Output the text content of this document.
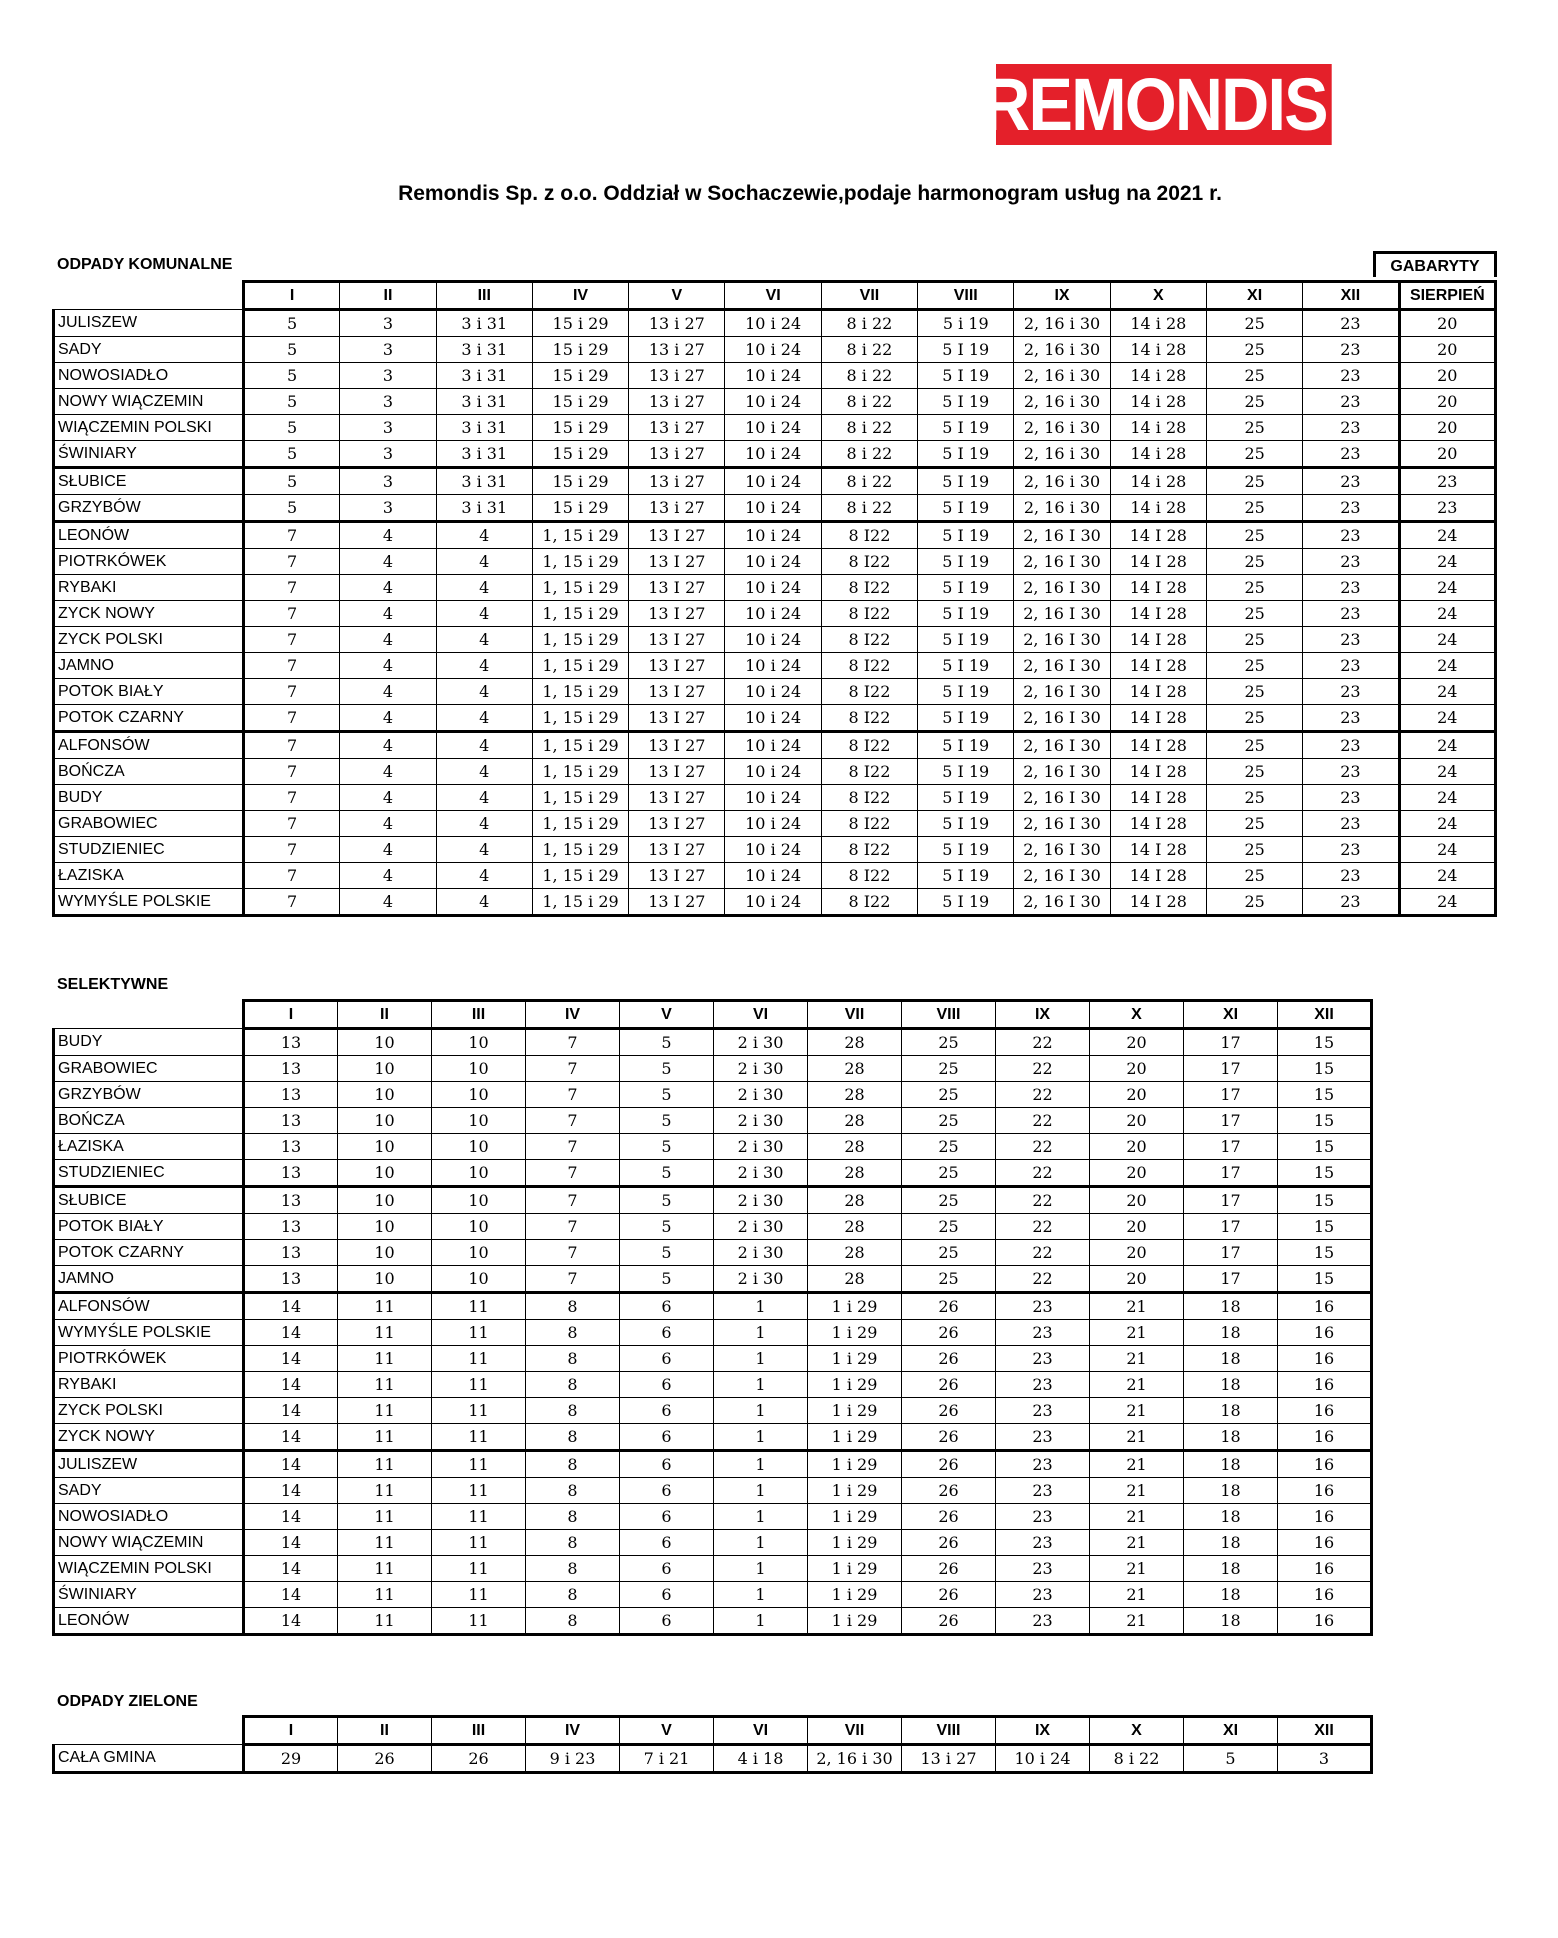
REMONDIS ®
Remondis Sp. z o.o. Oddział w Sochaczewie,podaje harmonogram usług na 2021 r.
ODPADY KOMUNALNE	GABARYTY
	I	II	III	IV	V	VI	VII	VIII	IX	X	XI	XII	SIERPIEŃ
JULISZEW	5	3	3 i 31	15 i 29	13 i 27	10 i 24	8 i 22	5 i 19	2, 16 i 30	14 i 28	25	23	20
SADY	5	3	3 i 31	15 i 29	13 i 27	10 i 24	8 i 22	5 I 19	2, 16 i 30	14 i 28	25	23	20
NOWOSIADŁO	5	3	3 i 31	15 i 29	13 i 27	10 i 24	8 i 22	5 I 19	2, 16 i 30	14 i 28	25	23	20
NOWY WIĄCZEMIN	5	3	3 i 31	15 i 29	13 i 27	10 i 24	8 i 22	5 I 19	2, 16 i 30	14 i 28	25	23	20
WIĄCZEMIN POLSKI	5	3	3 i 31	15 i 29	13 i 27	10 i 24	8 i 22	5 I 19	2, 16 i 30	14 i 28	25	23	20
ŚWINIARY	5	3	3 i 31	15 i 29	13 i 27	10 i 24	8 i 22	5 I 19	2, 16 i 30	14 i 28	25	23	20
SŁUBICE	5	3	3 i 31	15 i 29	13 i 27	10 i 24	8 i 22	5 I 19	2, 16 i 30	14 i 28	25	23	23
GRZYBÓW	5	3	3 i 31	15 i 29	13 i 27	10 i 24	8 i 22	5 I 19	2, 16 i 30	14 i 28	25	23	23
LEONÓW	7	4	4	1, 15 i 29	13 I 27	10 i 24	8 I22	5 I 19	2, 16 I 30	14 I 28	25	23	24
PIOTRKÓWEK	7	4	4	1, 15 i 29	13 I 27	10 i 24	8 I22	5 I 19	2, 16 I 30	14 I 28	25	23	24
RYBAKI	7	4	4	1, 15 i 29	13 I 27	10 i 24	8 I22	5 I 19	2, 16 I 30	14 I 28	25	23	24
ZYCK NOWY	7	4	4	1, 15 i 29	13 I 27	10 i 24	8 I22	5 I 19	2, 16 I 30	14 I 28	25	23	24
ZYCK POLSKI	7	4	4	1, 15 i 29	13 I 27	10 i 24	8 I22	5 I 19	2, 16 I 30	14 I 28	25	23	24
JAMNO	7	4	4	1, 15 i 29	13 I 27	10 i 24	8 I22	5 I 19	2, 16 I 30	14 I 28	25	23	24
POTOK BIAŁY	7	4	4	1, 15 i 29	13 I 27	10 i 24	8 I22	5 I 19	2, 16 I 30	14 I 28	25	23	24
POTOK CZARNY	7	4	4	1, 15 i 29	13 I 27	10 i 24	8 I22	5 I 19	2, 16 I 30	14 I 28	25	23	24
ALFONSÓW	7	4	4	1, 15 i 29	13 I 27	10 i 24	8 I22	5 I 19	2, 16 I 30	14 I 28	25	23	24
BOŃCZA	7	4	4	1, 15 i 29	13 I 27	10 i 24	8 I22	5 I 19	2, 16 I 30	14 I 28	25	23	24
BUDY	7	4	4	1, 15 i 29	13 I 27	10 i 24	8 I22	5 I 19	2, 16 I 30	14 I 28	25	23	24
GRABOWIEC	7	4	4	1, 15 i 29	13 I 27	10 i 24	8 I22	5 I 19	2, 16 I 30	14 I 28	25	23	24
STUDZIENIEC	7	4	4	1, 15 i 29	13 I 27	10 i 24	8 I22	5 I 19	2, 16 I 30	14 I 28	25	23	24
ŁAZISKA	7	4	4	1, 15 i 29	13 I 27	10 i 24	8 I22	5 I 19	2, 16 I 30	14 I 28	25	23	24
WYMYŚLE POLSKIE	7	4	4	1, 15 i 29	13 I 27	10 i 24	8 I22	5 I 19	2, 16 I 30	14 I 28	25	23	24
SELEKTYWNE
	I	II	III	IV	V	VI	VII	VIII	IX	X	XI	XII
BUDY	13	10	10	7	5	2 i 30	28	25	22	20	17	15
GRABOWIEC	13	10	10	7	5	2 i 30	28	25	22	20	17	15
GRZYBÓW	13	10	10	7	5	2 i 30	28	25	22	20	17	15
BOŃCZA	13	10	10	7	5	2 i 30	28	25	22	20	17	15
ŁAZISKA	13	10	10	7	5	2 i 30	28	25	22	20	17	15
STUDZIENIEC	13	10	10	7	5	2 i 30	28	25	22	20	17	15
SŁUBICE	13	10	10	7	5	2 i 30	28	25	22	20	17	15
POTOK BIAŁY	13	10	10	7	5	2 i 30	28	25	22	20	17	15
POTOK CZARNY	13	10	10	7	5	2 i 30	28	25	22	20	17	15
JAMNO	13	10	10	7	5	2 i 30	28	25	22	20	17	15
ALFONSÓW	14	11	11	8	6	1	1 i 29	26	23	21	18	16
WYMYŚLE POLSKIE	14	11	11	8	6	1	1 i 29	26	23	21	18	16
PIOTRKÓWEK	14	11	11	8	6	1	1 i 29	26	23	21	18	16
RYBAKI	14	11	11	8	6	1	1 i 29	26	23	21	18	16
ZYCK POLSKI	14	11	11	8	6	1	1 i 29	26	23	21	18	16
ZYCK NOWY	14	11	11	8	6	1	1 i 29	26	23	21	18	16
JULISZEW	14	11	11	8	6	1	1 i 29	26	23	21	18	16
SADY	14	11	11	8	6	1	1 i 29	26	23	21	18	16
NOWOSIADŁO	14	11	11	8	6	1	1 i 29	26	23	21	18	16
NOWY WIĄCZEMIN	14	11	11	8	6	1	1 i 29	26	23	21	18	16
WIĄCZEMIN POLSKI	14	11	11	8	6	1	1 i 29	26	23	21	18	16
ŚWINIARY	14	11	11	8	6	1	1 i 29	26	23	21	18	16
LEONÓW	14	11	11	8	6	1	1 i 29	26	23	21	18	16
ODPADY ZIELONE
	I	II	III	IV	V	VI	VII	VIII	IX	X	XI	XII
CAŁA GMINA	29	26	26	9 i 23	7 i 21	4 i 18	2, 16 i 30	13 i 27	10 i 24	8 i 22	5	3
